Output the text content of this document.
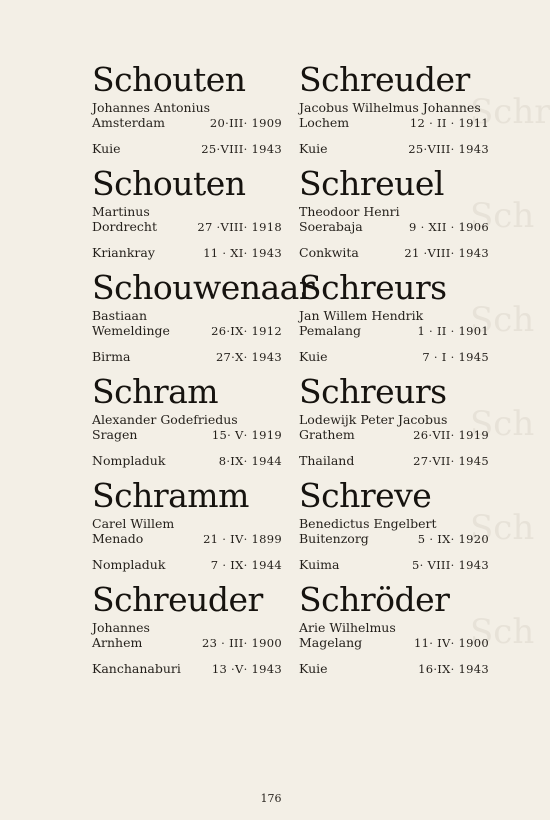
Schr
Sch
Sch
Sch
Sch
Sch
Schouten
Johannes Antonius
Amsterdam	20·III· 1909
Kuie	25·VIII· 1943
Schouten
Martinus
Dordrecht	27 ·VIII· 1918
Kriankray	11 · XI· 1943
Schouwenaar
Bastiaan
Wemeldinge	26·IX· 1912
Birma	27·X· 1943
Schram
Alexander Godefriedus
Sragen	15· V· 1919
Nompladuk	8·IX· 1944
Schramm
Carel Willem
Menado	21 · IV· 1899
Nompladuk	7 · IX· 1944
Schreuder
Johannes
Arnhem	23 · III· 1900
Kanchanaburi	13 ·V· 1943
Schreuder
Jacobus Wilhelmus Johannes
Lochem	12 · II · 1911
Kuie	25·VIII· 1943
Schreuel
Theodoor Henri
Soerabaja	9 · XII · 1906
Conkwita	21 ·VIII· 1943
Schreurs
Jan Willem Hendrik
Pemalang	1 · II · 1901
Kuie	7 · I · 1945
Schreurs
Lodewijk Peter Jacobus
Grathem	26·VII· 1919
Thailand	27·VII· 1945
Schreve
Benedictus Engelbert
Buitenzorg	5 · IX· 1920
Kuima	5· VIII· 1943
Schröder
Arie Wilhelmus
Magelang	11· IV· 1900
Kuie	16·IX· 1943
176
